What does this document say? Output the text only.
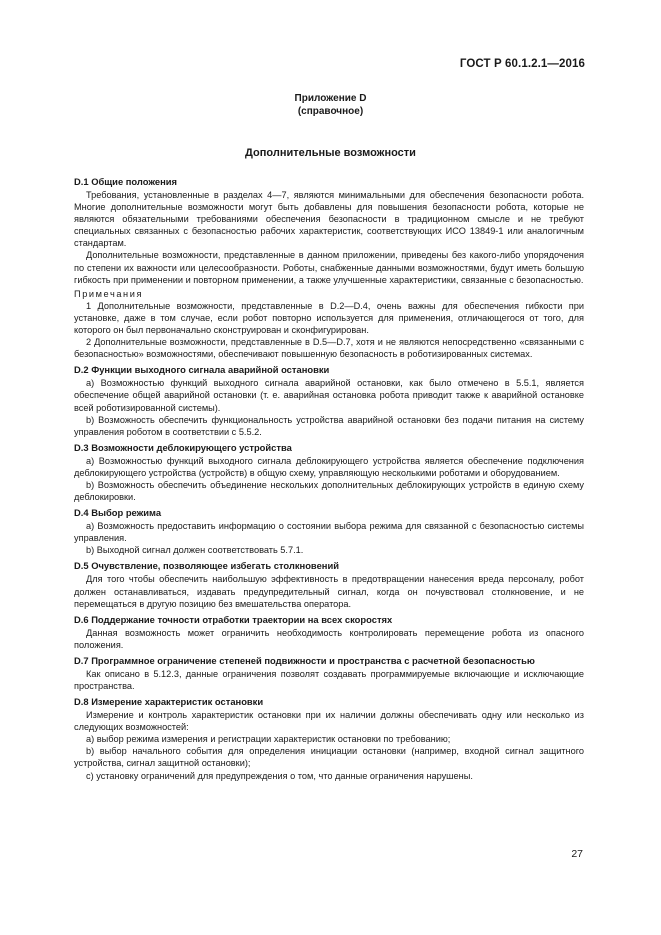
ГОСТ Р 60.1.2.1—2016
Приложение D
(справочное)
Дополнительные возможности
D.1 Общие положения

Требования, установленные в разделах 4—7, являются минимальными для обеспечения безопасности робота. Многие дополнительные возможности могут быть добавлены для повышения безопасности робота, которые не являются обязательными требованиями обеспечения безопасности в традиционном смысле и не требуют специальных связанных с безопасностью рабочих характеристик, соответствующих ИСО 13849-1 или аналогичным стандартам.

Дополнительные возможности, представленные в данном приложении, приведены без какого-либо упорядочения по степени их важности или целесообразности. Роботы, снабженные данными возможностями, будут иметь большую гибкость при применении и повторном применении, а также улучшенные характеристики, связанные с безопасностью.

Примечания

1 Дополнительные возможности, представленные в D.2—D.4, очень важны для обеспечения гибкости при установке, даже в том случае, если робот повторно используется для применения, отличающегося от того, для которого он был первоначально сконструирован и сконфигурирован.

2 Дополнительные возможности, представленные в D.5—D.7, хотя и не являются непосредственно «связанными с безопасностью» возможностями, обеспечивают повышенную безопасность в роботизированных системах.

D.2 Функции выходного сигнала аварийной остановки

a) Возможностью функций выходного сигнала аварийной остановки, как было отмечено в 5.5.1, является обеспечение общей аварийной остановки (т. е. аварийная остановка робота приводит также к аварийной остановке всей роботизированной системы).

b) Возможность обеспечить функциональность устройства аварийной остановки без подачи питания на систему управления роботом в соответствии с 5.5.2.

D.3 Возможности деблокирующего устройства

a) Возможностью функций выходного сигнала деблокирующего устройства является обеспечение подключения деблокирующего устройства (устройств) в общую схему, управляющую несколькими роботами и оборудованием.

b) Возможность обеспечить объединение нескольких дополнительных деблокирующих устройств в единую схему деблокировки.

D.4 Выбор режима

a) Возможность предоставить информацию о состоянии выбора режима для связанной с безопасностью системы управления.

b) Выходной сигнал должен соответствовать 5.7.1.

D.5 Очувствление, позволяющее избегать столкновений

Для того чтобы обеспечить наибольшую эффективность в предотвращении нанесения вреда персоналу, робот должен останавливаться, издавать предупредительный сигнал, когда он почувствовал столкновение, и не перемещаться в другую позицию без вмешательства оператора.

D.6 Поддержание точности отработки траектории на всех скоростях

Данная возможность может ограничить необходимость контролировать перемещение робота из опасного положения.

D.7 Программное ограничение степеней подвижности и пространства с расчетной безопасностью

Как описано в 5.12.3, данные ограничения позволят создавать программируемые включающие и исключающие пространства.

D.8 Измерение характеристик остановки

Измерение и контроль характеристик остановки при их наличии должны обеспечивать одну или несколько из следующих возможностей:

a) выбор режима измерения и регистрации характеристик остановки по требованию;

b) выбор начального события для определения инициации остановки (например, входной сигнал защитного устройства, сигнал защитной остановки);

c) установку ограничений для предупреждения о том, что данные ограничения нарушены.

27
